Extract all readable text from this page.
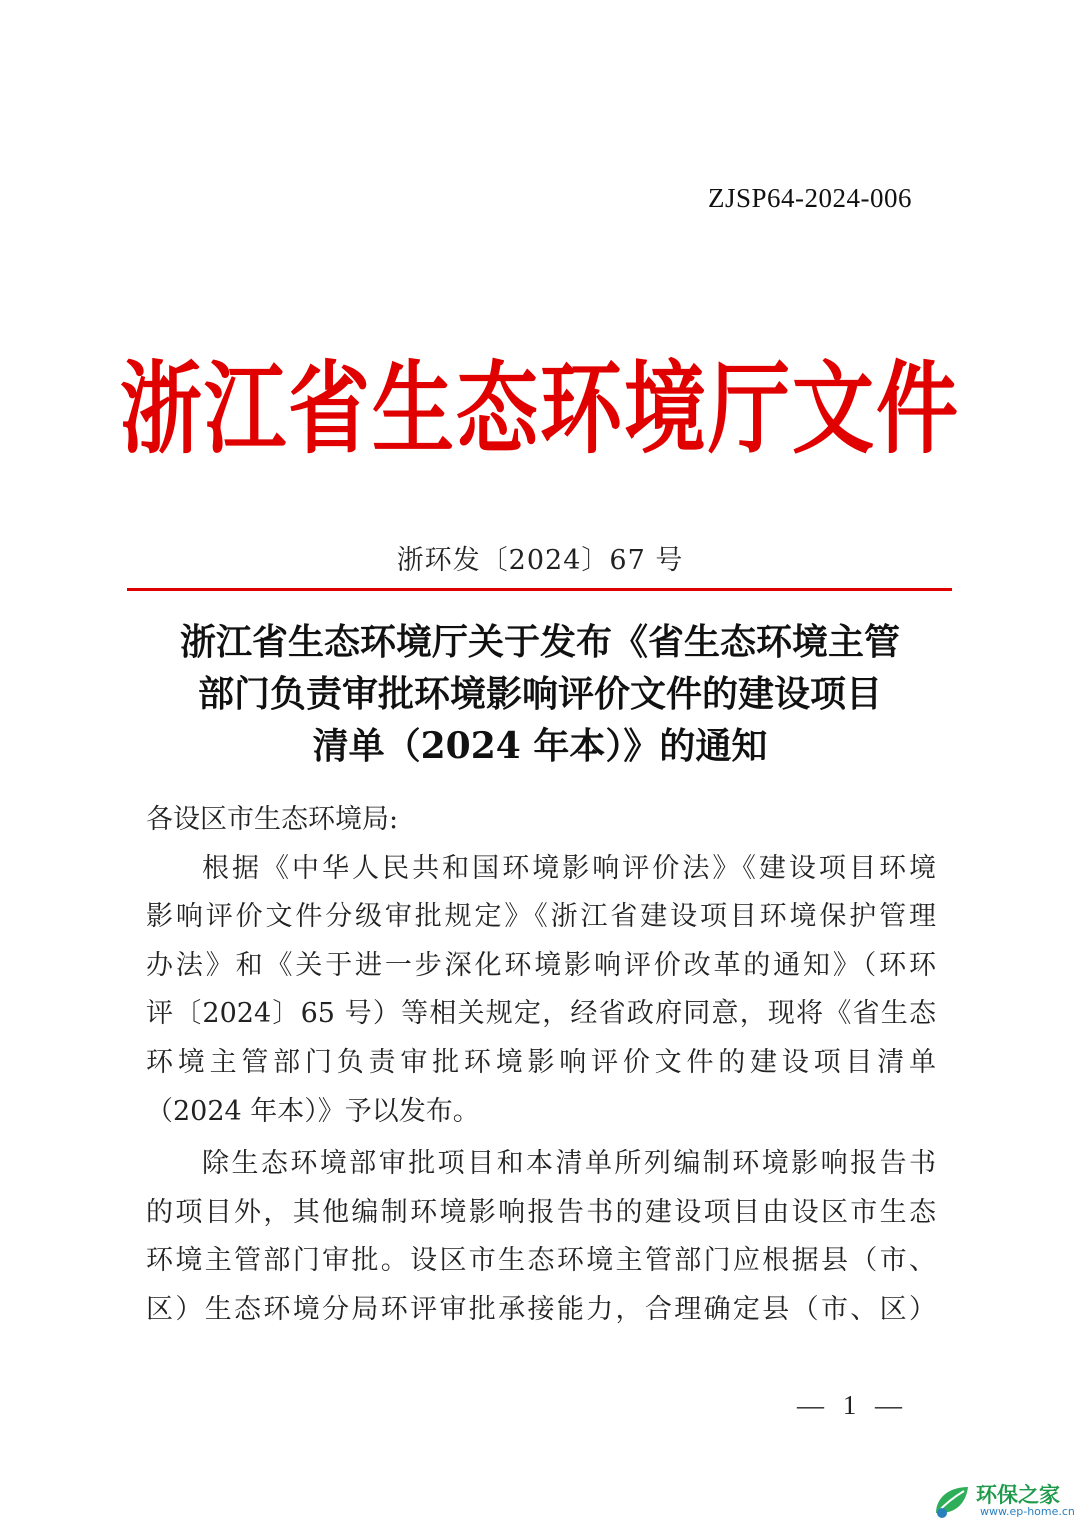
ZJSP64-2024-006
浙江省生态环境厅文件
浙环发〔2024〕67 号
浙江省生态环境厅关于发布《省生态环境主管
部门负责审批环境影响评价文件的建设项目
清单（2024 年本）》的通知
各设区市生态环境局:
根据《中华人民共和国环境影响评价法》《建设项目环境
影响评价文件分级审批规定》《浙江省建设项目环境保护管理
办法》和《关于进一步深化环境影响评价改革的通知》（环环
评〔2024〕65 号）等相关规定，经省政府同意，现将《省生态
环境主管部门负责审批环境影响评价文件的建设项目清单
（2024 年本）》予以发布。
除生态环境部审批项目和本清单所列编制环境影响报告书
的项目外，其他编制环境影响报告书的建设项目由设区市生态
环境主管部门审批。设区市生态环境主管部门应根据县（市、
区）生态环境分局环评审批承接能力，合理确定县（市、区）
— 1 —
环保之家
www.ep-home.cn
